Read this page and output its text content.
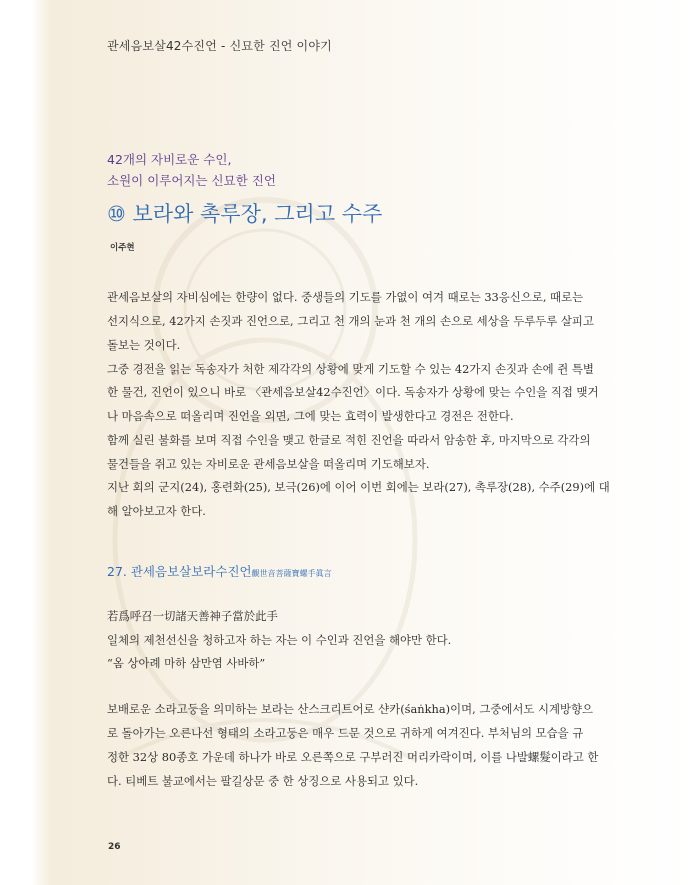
관세음보살42수진언 - 신묘한 진언 이야기
42개의 자비로운 수인,
소원이 이루어지는 신묘한 진언
⑩ 보라와 촉루장, 그리고 수주
이주현
관세음보살의 자비심에는 한량이 없다. 중생들의 기도를 가엾이 여겨 때로는 33응신으로, 때로는
선지식으로, 42가지 손짓과 진언으로, 그리고 천 개의 눈과 천 개의 손으로 세상을 두루두루 살피고
돌보는 것이다.
그중 경전을 읽는 독송자가 처한 제각각의 상황에 맞게 기도할 수 있는 42가지 손짓과 손에 쥔 특별
한 물건, 진언이 있으니 바로 〈관세음보살42수진언〉이다. 독송자가 상황에 맞는 수인을 직접 맺거
나 마음속으로 떠올리며 진언을 외면, 그에 맞는 효력이 발생한다고 경전은 전한다.
함께 실린 불화를 보며 직접 수인을 맺고 한글로 적힌 진언을 따라서 암송한 후, 마지막으로 각각의
물건들을 쥐고 있는 자비로운 관세음보살을 떠올리며 기도해보자.
지난 회의 군지(24), 홍련화(25), 보극(26)에 이어 이번 회에는 보라(27), 촉루장(28), 수주(29)에 대
해 알아보고자 한다.
27. 관세음보살보라수진언觀世音菩薩寶螺手眞言
若爲呼召一切諸天善神子當於此手
일체의 제천선신을 청하고자 하는 자는 이 수인과 진언을 해야만 한다.
“옴 상아례 마하 삼만염 사바하”
보배로운 소라고둥을 의미하는 보라는 산스크리트어로 샨카(śaṅkha)이며, 그중에서도 시계방향으
로 돌아가는 오른나선 형태의 소라고둥은 매우 드문 것으로 귀하게 여겨진다. 부처님의 모습을 규
정한 32상 80종호 가운데 하나가 바로 오른쪽으로 구부러진 머리카락이며, 이를 나발螺髮이라고 한
다. 티베트 불교에서는 팔길상문 중 한 상징으로 사용되고 있다.
26
